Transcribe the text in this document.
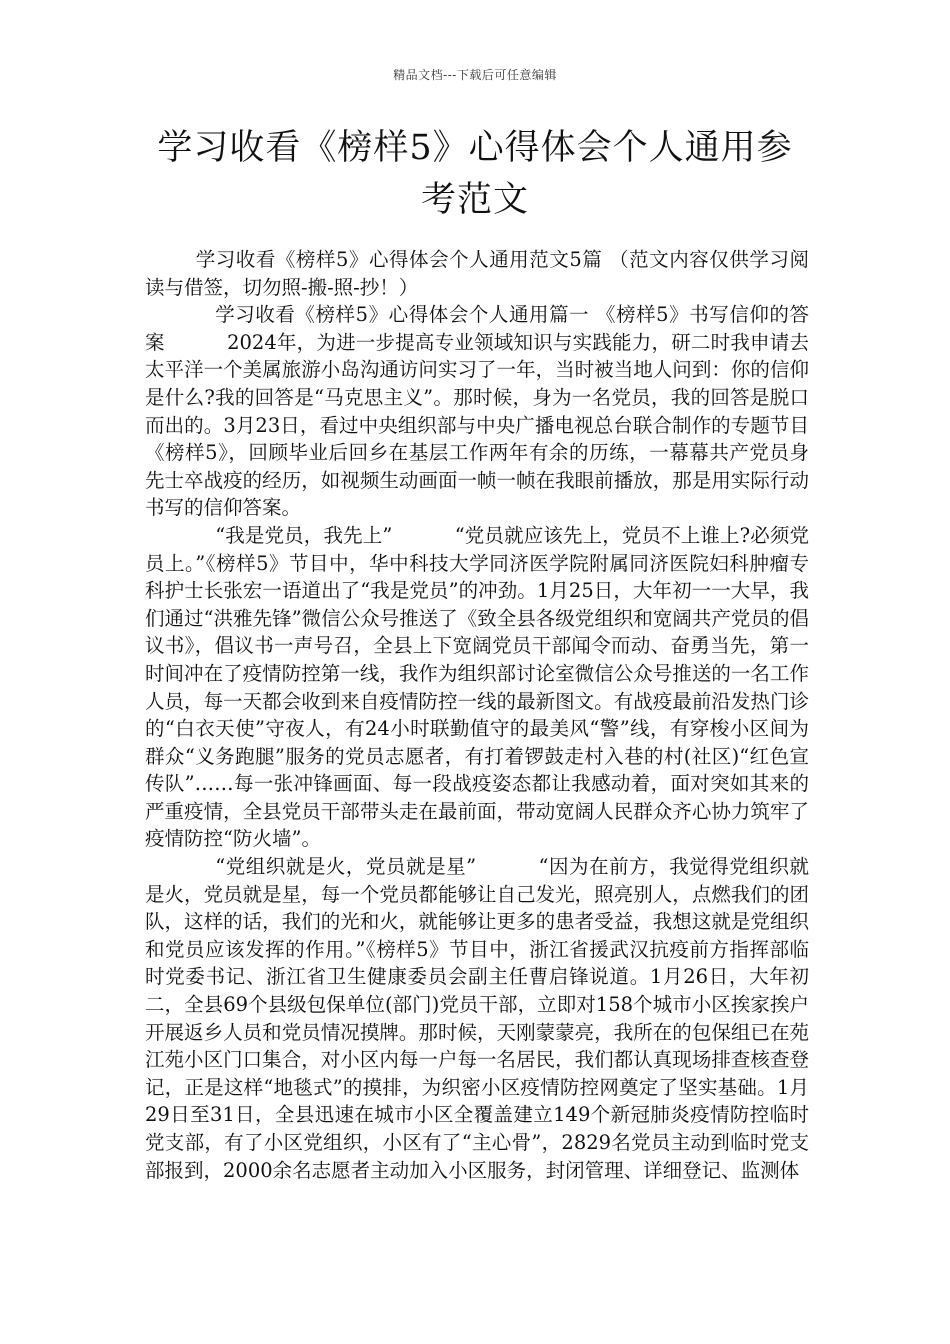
精品文档---下载后可任意编辑
学习收看《榜样5》心得体会个人通用参考范文

学习收看《榜样5》心得体会个人通用范文5篇 （范文内容仅供学习阅读与借签，切勿照-搬-照-抄！）

学习收看《榜样5》心得体会个人通用篇一 《榜样5》书写信仰的答案	2024年，为进一步提高专业领域知识与实践能力，研二时我申请去太平洋一个美属旅游小岛沟通访问实习了一年，当时被当地人问到：你的信仰是什么?我的回答是“马克思主义”。那时候，身为一名党员，我的回答是脱口而出的。3月23日，看过中央组织部与中央广播电视总台联合制作的专题节目《榜样5》，回顾毕业后回乡在基层工作两年有余的历练，一幕幕共产党员身先士卒战疫的经历，如视频生动画面一帧一帧在我眼前播放，那是用实际行动书写的信仰答案。

“我是党员，我先上”	“党员就应该先上，党员不上谁上?必须党员上。”《榜样5》节目中，华中科技大学同济医学院附属同济医院妇科肿瘤专科护士长张宏一语道出了“我是党员”的冲劲。1月25日，大年初一一大早，我们通过“洪雅先锋”微信公众号推送了《致全县各级党组织和宽阔共产党员的倡议书》，倡议书一声号召，全县上下宽阔党员干部闻令而动、奋勇当先，第一时间冲在了疫情防控第一线，我作为组织部讨论室微信公众号推送的一名工作人员，每一天都会收到来自疫情防控一线的最新图文。有战疫最前沿发热门诊的“白衣天使”守夜人，有24小时联勤值守的最美风“警”线，有穿梭小区间为群众“义务跑腿”服务的党员志愿者，有打着锣鼓走村入巷的村(社区)“红色宣传队”……每一张冲锋画面、每一段战疫姿态都让我感动着，面对突如其来的严重疫情，全县党员干部带头走在最前面，带动宽阔人民群众齐心协力筑牢了疫情防控“防火墙”。

“党组织就是火，党员就是星”	“因为在前方，我觉得党组织就是火，党员就是星，每一个党员都能够让自己发光，照亮别人，点燃我们的团队，这样的话，我们的光和火，就能够让更多的患者受益，我想这就是党组织和党员应该发挥的作用。”《榜样5》节目中，浙江省援武汉抗疫前方指挥部临时党委书记、浙江省卫生健康委员会副主任曹启锋说道。1月26日，大年初二，全县69个县级包保单位(部门)党员干部，立即对158个城市小区挨家挨户开展返乡人员和党员情况摸牌。那时候，天刚蒙蒙亮，我所在的包保组已在苑江苑小区门口集合，对小区内每一户每一名居民，我们都认真现场排查核查登记，正是这样“地毯式”的摸排，为织密小区疫情防控网奠定了坚实基础。1月29日至31日，全县迅速在城市小区全覆盖建立149个新冠肺炎疫情防控临时党支部，有了小区党组织，小区有了“主心骨”，2829名党员主动到临时党支部报到，2000余名志愿者主动加入小区服务，封闭管理、详细登记、监测体
